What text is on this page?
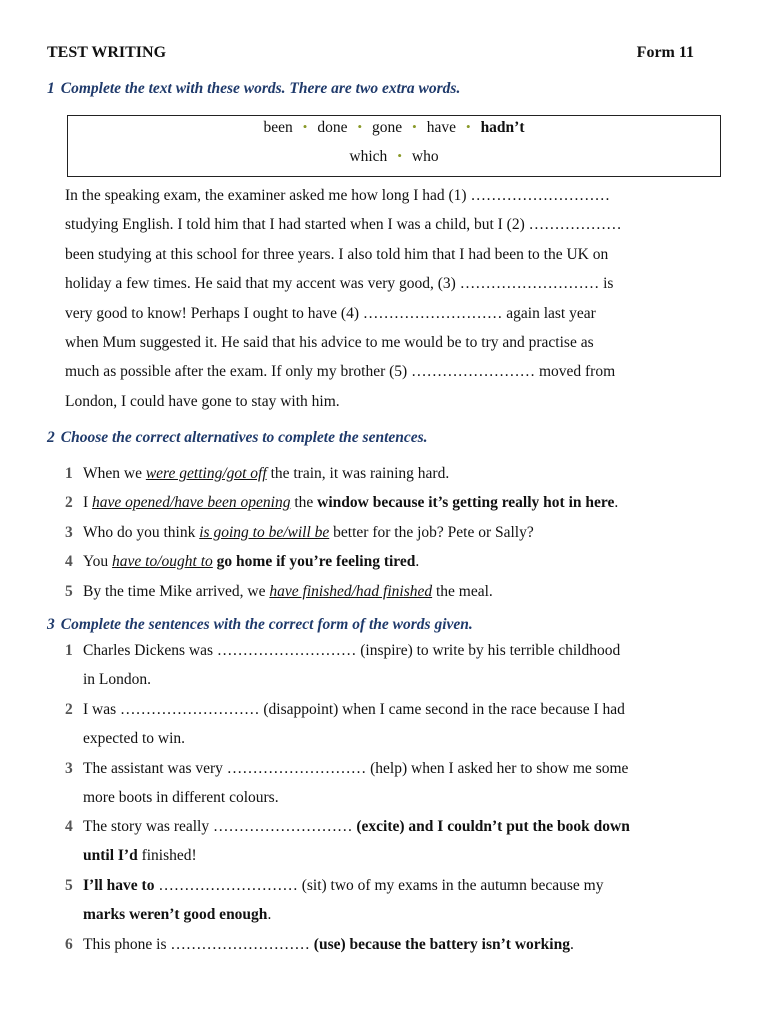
TEST WRITING	Form 11
1 Complete the text with these words. There are two extra words.
been • done • gone • have • hadn’t
which • who
In the speaking exam, the examiner asked me how long I had (1) ………………………
studying English. I told him that I had started when I was a child, but I (2) ………………
been studying at this school for three years. I also told him that I had been to the UK on
holiday a few times. He said that my accent was very good, (3) ……………………… is
very good to know! Perhaps I ought to have (4) ……………………… again last year
when Mum suggested it. He said that his advice to me would be to try and practise as
much as possible after the exam. If only my brother (5) …………………… moved from
London, I could have gone to stay with him.
2 Choose the correct alternatives to complete the sentences.
1 When we were getting/got off the train, it was raining hard.
2 I have opened/have been opening the window because it’s getting really hot in here.
3 Who do you think is going to be/will be better for the job? Pete or Sally?
4 You have to/ought to go home if you’re feeling tired.
5 By the time Mike arrived, we have finished/had finished the meal.
3 Complete the sentences with the correct form of the words given.
1 Charles Dickens was ……………………… (inspire) to write by his terrible childhood
in London.
2 I was ……………………… (disappoint) when I came second in the race because I had
expected to win.
3 The assistant was very ……………………… (help) when I asked her to show me some
more boots in different colours.
4 The story was really ……………………… (excite) and I couldn’t put the book down
until I’d finished!
5 I’ll have to ……………………… (sit) two of my exams in the autumn because my
marks weren’t good enough.
6 This phone is ……………………… (use) because the battery isn’t working.
